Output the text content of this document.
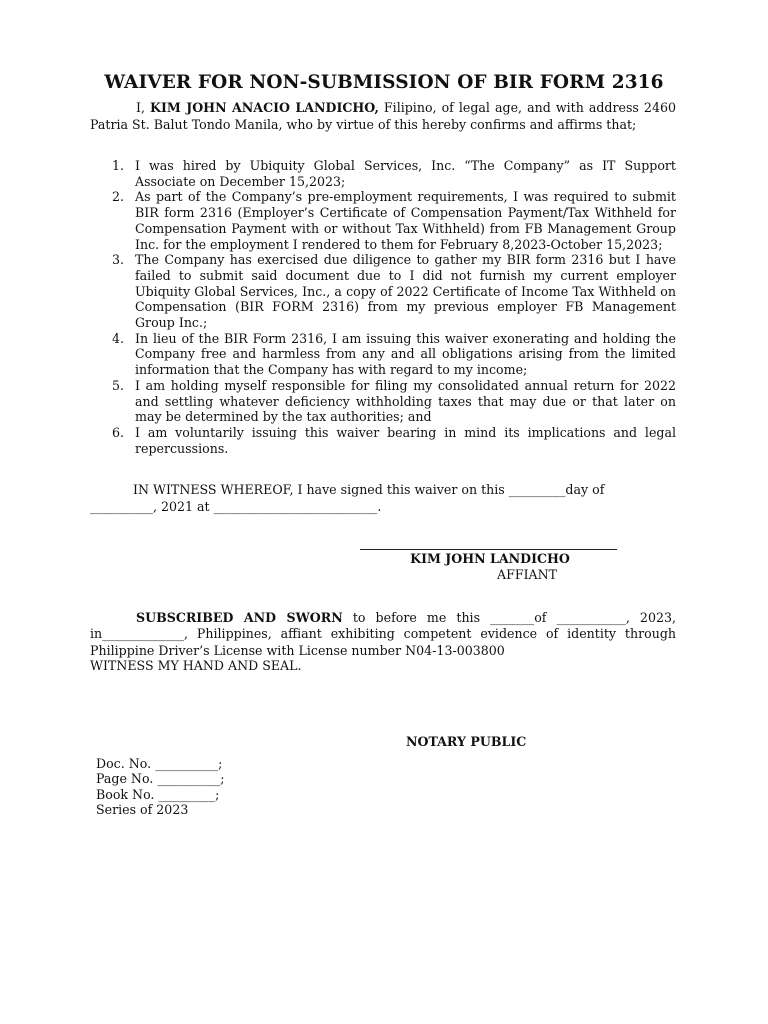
WAIVER FOR NON-SUBMISSION OF BIR FORM 2316
I, KIM JOHN ANACIO LANDICHO, Filipino, of legal age, and with address 2460 Patria St. Balut Tondo Manila, who by virtue of this hereby confirms and affirms that;
1. I was hired by Ubiquity Global Services, Inc. “The Company” as IT Support Associate on December 15,2023;
2. As part of the Company’s pre-employment requirements, I was required to submit BIR form 2316 (Employer’s Certificate of Compensation Payment/Tax Withheld for Compensation Payment with or without Tax Withheld) from FB Management Group Inc. for the employment I rendered to them for February 8,2023-October 15,2023;
3. The Company has exercised due diligence to gather my BIR form 2316 but I have failed to submit said document due to I did not furnish my current employer Ubiquity Global Services, Inc., a copy of 2022 Certificate of Income Tax Withheld on Compensation (BIR FORM 2316) from my previous employer FB Management Group Inc.;
4. In lieu of the BIR Form 2316, I am issuing this waiver exonerating and holding the Company free and harmless from any and all obligations arising from the limited information that the Company has with regard to my income;
5. I am holding myself responsible for filing my consolidated annual return for 2022 and settling whatever deficiency withholding taxes that may due or that later on may be determined by the tax authorities; and
6. I am voluntarily issuing this waiver bearing in mind its implications and legal repercussions.
IN WITNESS WHEREOF, I have signed this waiver on this _________day of
__________, 2021 at __________________________.
KIM JOHN LANDICHO
AFFIANT
SUBSCRIBED AND SWORN to before me this _______of ___________, 2023, in_____________, Philippines, affiant exhibiting competent evidence of identity through Philippine Driver’s License with License number N04-13-003800
WITNESS MY HAND AND SEAL.
NOTARY PUBLIC
Doc. No. __________;
Page No. __________;
Book No. _________;
Series of 2023
